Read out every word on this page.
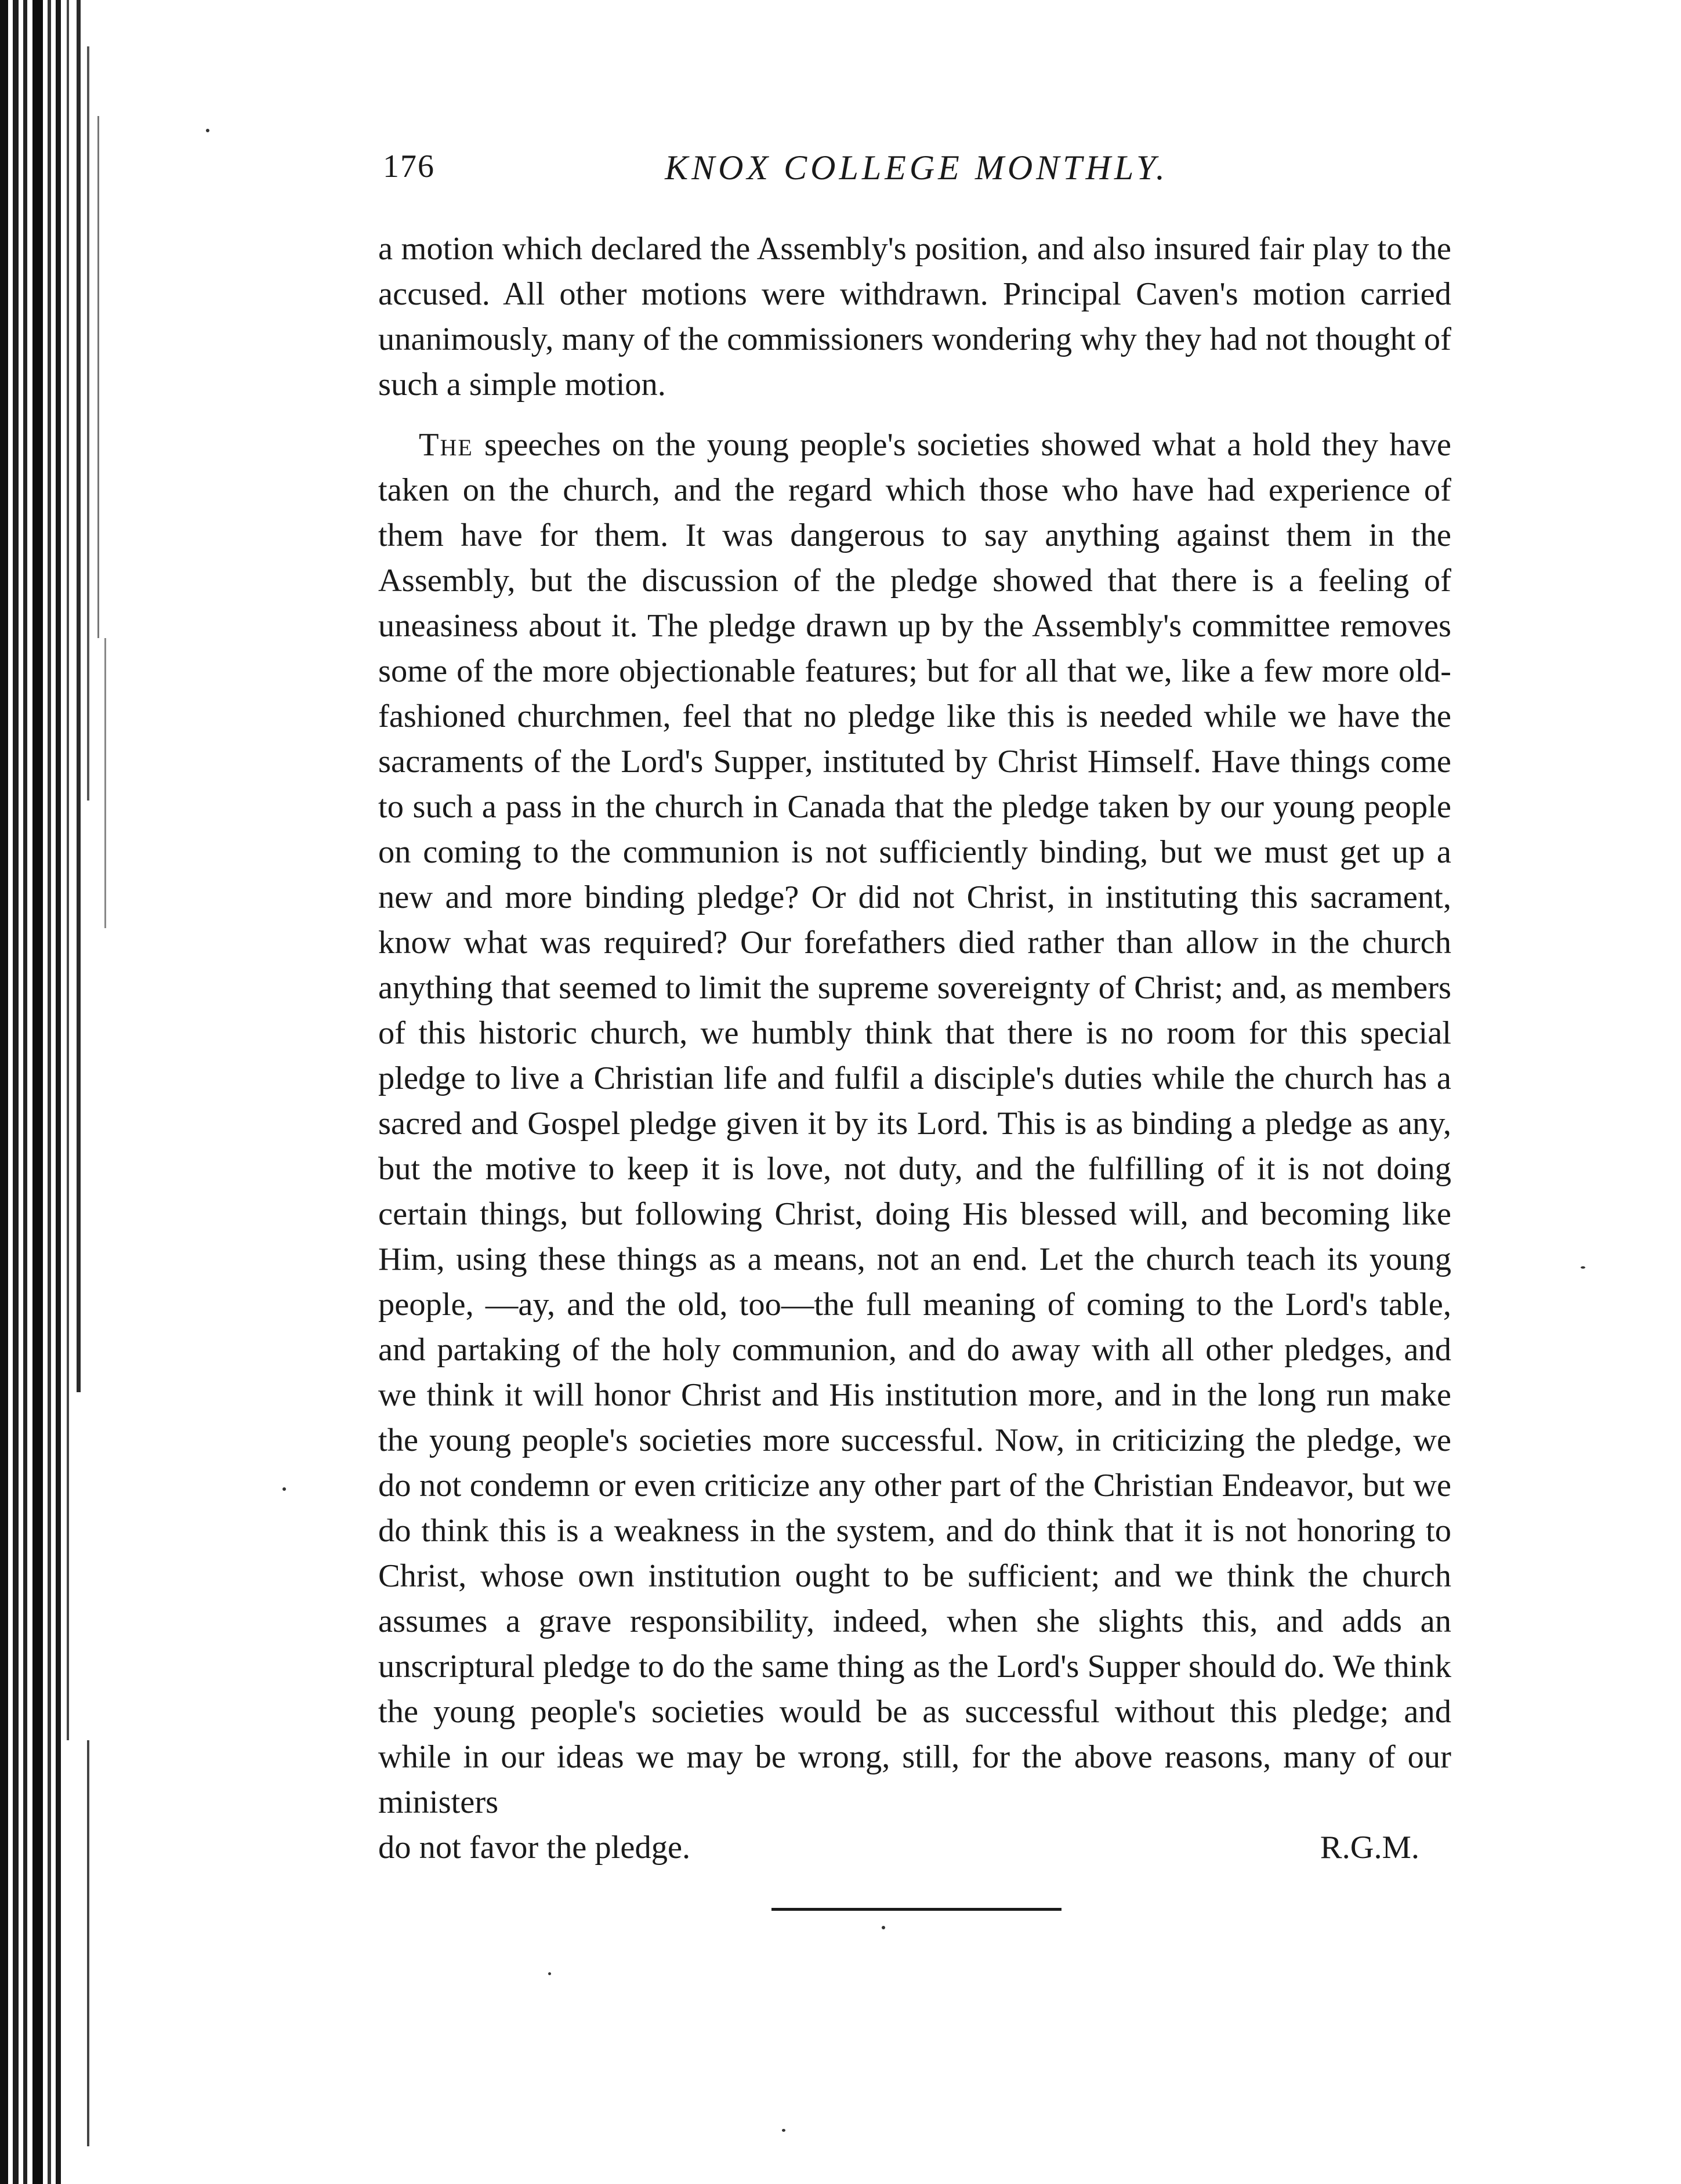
176	KNOX COLLEGE MONTHLY.

a motion which declared the Assembly's position, and also insured fair play to the accused. All other motions were withdrawn. Principal Caven's motion carried unanimously, many of the commissioners wondering why they had not thought of such a simple motion.

The speeches on the young people's societies showed what a hold they have taken on the church, and the regard which those who have had experience of them have for them. It was dangerous to say anything against them in the Assembly, but the discussion of the pledge showed that there is a feeling of uneasiness about it. The pledge drawn up by the Assembly's committee removes some of the more objectionable features; but for all that we, like a few more old-fashioned churchmen, feel that no pledge like this is needed while we have the sacraments of the Lord's Supper, instituted by Christ Himself. Have things come to such a pass in the church in Canada that the pledge taken by our young people on coming to the communion is not sufficiently binding, but we must get up a new and more binding pledge? Or did not Christ, in instituting this sacrament, know what was required? Our forefathers died rather than allow in the church anything that seemed to limit the supreme sovereignty of Christ; and, as members of this historic church, we humbly think that there is no room for this special pledge to live a Christian life and fulfil a disciple's duties while the church has a sacred and Gospel pledge given it by its Lord. This is as binding a pledge as any, but the motive to keep it is love, not duty, and the fulfilling of it is not doing certain things, but following Christ, doing His blessed will, and becoming like Him, using these things as a means, not an end. Let the church teach its young people, —ay, and the old, too—the full meaning of coming to the Lord's table, and partaking of the holy communion, and do away with all other pledges, and we think it will honor Christ and His institution more, and in the long run make the young people's societies more successful. Now, in criticizing the pledge, we do not condemn or even criticize any other part of the Christian Endeavor, but we do think this is a weakness in the system, and do think that it is not honoring to Christ, whose own institution ought to be sufficient; and we think the church assumes a grave responsibility, indeed, when she slights this, and adds an unscriptural pledge to do the same thing as the Lord's Supper should do. We think the young people's societies would be as successful without this pledge; and while in our ideas we may be wrong, still, for the above reasons, many of our ministers

do not favor the pledge.	R.G.M.
